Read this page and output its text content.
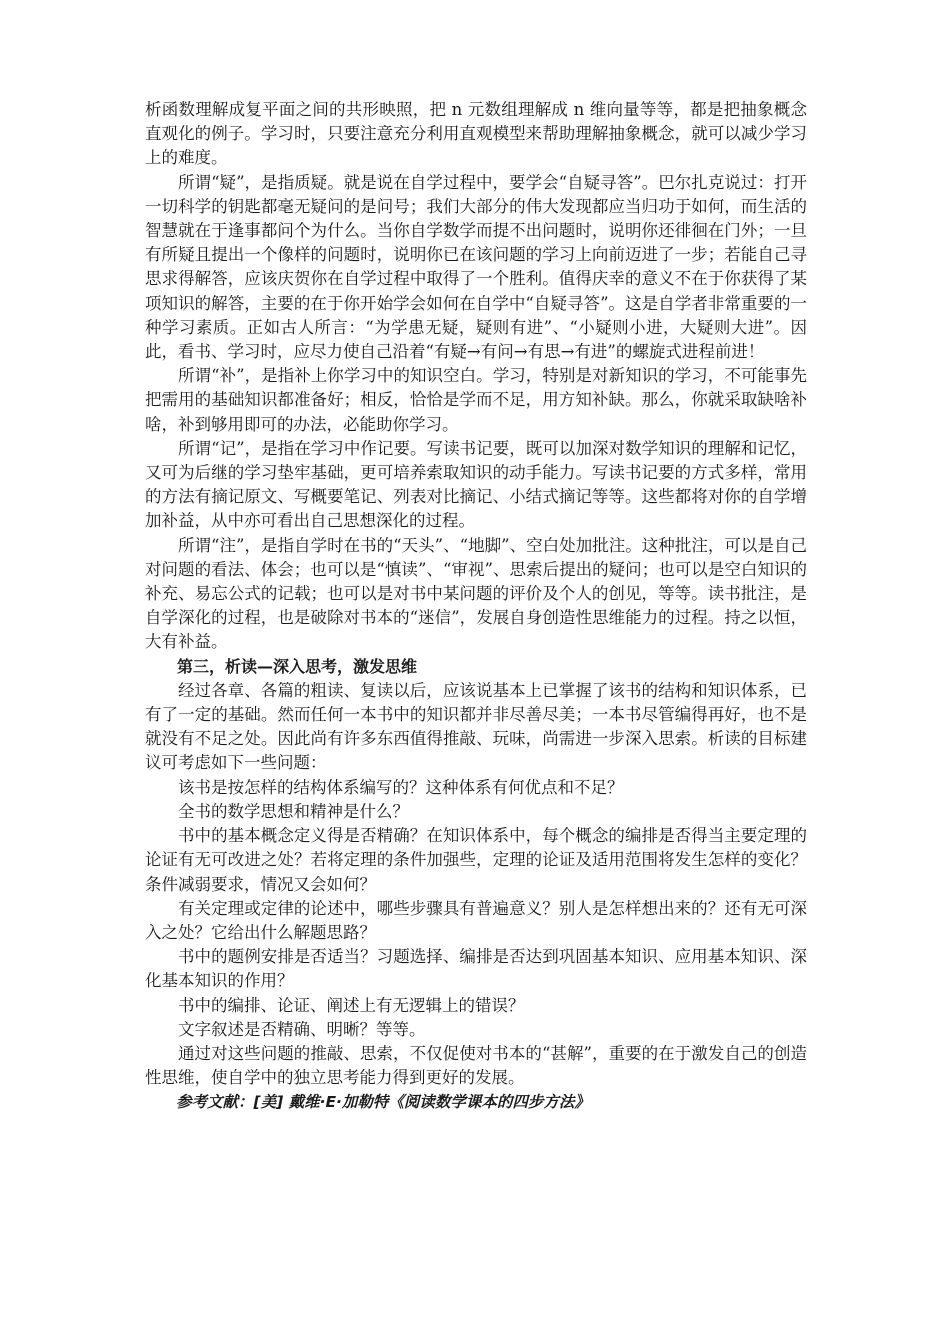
析函数理解成复平面之间的共形映照，把 n 元数组理解成 n 维向量等等，都是把抽象概念直观化的例子。学习时，只要注意充分利用直观模型来帮助理解抽象概念，就可以减少学习上的难度。

所谓“疑”，是指质疑。就是说在自学过程中，要学会“自疑寻答”。巴尔扎克说过：打开一切科学的钥匙都毫无疑问的是问号；我们大部分的伟大发现都应当归功于如何，而生活的智慧就在于逢事都问个为什么。当你自学数学而提不出问题时，说明你还徘徊在门外；一旦有所疑且提出一个像样的问题时，说明你已在该问题的学习上向前迈进了一步；若能自己寻思求得解答，应该庆贺你在自学过程中取得了一个胜利。值得庆幸的意义不在于你获得了某项知识的解答，主要的在于你开始学会如何在自学中“自疑寻答”。这是自学者非常重要的一种学习素质。正如古人所言：“为学患无疑，疑则有进”、“小疑则小进，大疑则大进”。因此，看书、学习时，应尽力使自己沿着“有疑→有问→有思→有进”的螺旋式进程前进！

所谓“补”，是指补上你学习中的知识空白。学习，特别是对新知识的学习，不可能事先把需用的基础知识都准备好；相反，恰恰是学而不足，用方知补缺。那么，你就采取缺啥补啥，补到够用即可的办法，必能助你学习。

所谓“记”，是指在学习中作记要。写读书记要，既可以加深对数学知识的理解和记忆，又可为后继的学习垫牢基础，更可培养索取知识的动手能力。写读书记要的方式多样，常用的方法有摘记原文、写概要笔记、列表对比摘记、小结式摘记等等。这些都将对你的自学增加补益，从中亦可看出自己思想深化的过程。

所谓“注”，是指自学时在书的“天头”、“地脚”、空白处加批注。这种批注，可以是自己对问题的看法、体会；也可以是“慎读”、“审视”、思索后提出的疑问；也可以是空白知识的补充、易忘公式的记载；也可以是对书中某问题的评价及个人的创见，等等。读书批注，是自学深化的过程，也是破除对书本的“迷信”，发展自身创造性思维能力的过程。持之以恒，大有补益。

第三，析读—深入思考，激发思维

经过各章、各篇的粗读、复读以后，应该说基本上已掌握了该书的结构和知识体系，已有了一定的基础。然而任何一本书中的知识都并非尽善尽美；一本书尽管编得再好，也不是就没有不足之处。因此尚有许多东西值得推敲、玩味，尚需进一步深入思索。析读的目标建议可考虑如下一些问题：

该书是按怎样的结构体系编写的？这种体系有何优点和不足？

全书的数学思想和精神是什么？

书中的基本概念定义得是否精确？在知识体系中，每个概念的编排是否得当主要定理的论证有无可改进之处？若将定理的条件加强些，定理的论证及适用范围将发生怎样的变化？条件减弱要求，情况又会如何？

有关定理或定律的论述中，哪些步骤具有普遍意义？别人是怎样想出来的？还有无可深入之处？它给出什么解题思路？

书中的题例安排是否适当？习题选择、编排是否达到巩固基本知识、应用基本知识、深化基本知识的作用？

书中的编排、论证、阐述上有无逻辑上的错误？

文字叙述是否精确、明晰？等等。

通过对这些问题的推敲、思索，不仅促使对书本的“甚解”，重要的在于激发自己的创造性思维，使自学中的独立思考能力得到更好的发展。

参考文献：[美] 戴维·E·加勒特《阅读数学课本的四步方法》
